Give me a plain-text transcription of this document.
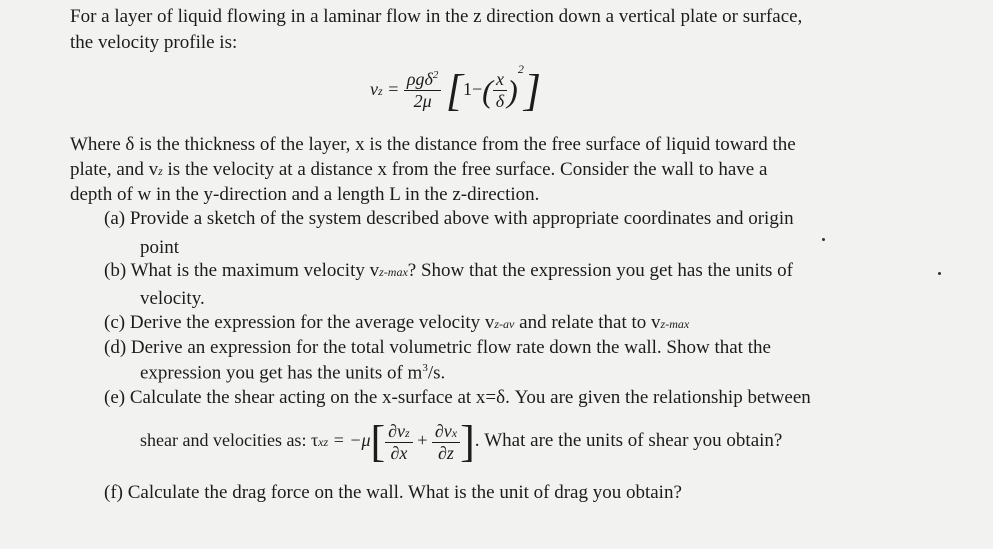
For a layer of liquid flowing in a laminar flow in the z direction down a vertical plate or surface,
the velocity profile is:
vz = $\frac{\rho g\delta^2}{2\mu} [1-( \frac{x}{\delta} )^2]$
Where δ is the thickness of the layer, x is the distance from the free surface of liquid toward the
plate, and vz is the velocity at a distance x from the free surface. Consider the wall to have a
depth of w in the y-direction and a length L in the z-direction.
(a) Provide a sketch of the system described above with appropriate coordinates and origin
point
(b) What is the maximum velocity vz-max? Show that the expression you get has the units of
velocity.
(c) Derive the expression for the average velocity vz-av and relate that to vz-max
(d) Derive an expression for the total volumetric flow rate down the wall. Show that the
expression you get has the units of $m^3/s$.
(e) Calculate the shear acting on the x-surface at x=δ. You are given the relationship between
shear and velocities as: $\tau xz = -\mu[ \frac{\partial vz}{\partial x} + \frac{\partial vx}{\partial z}$ ]. What are the units of shear you obtain?
(f) Calculate the drag force on the wall. What is the unit of drag you obtain?
